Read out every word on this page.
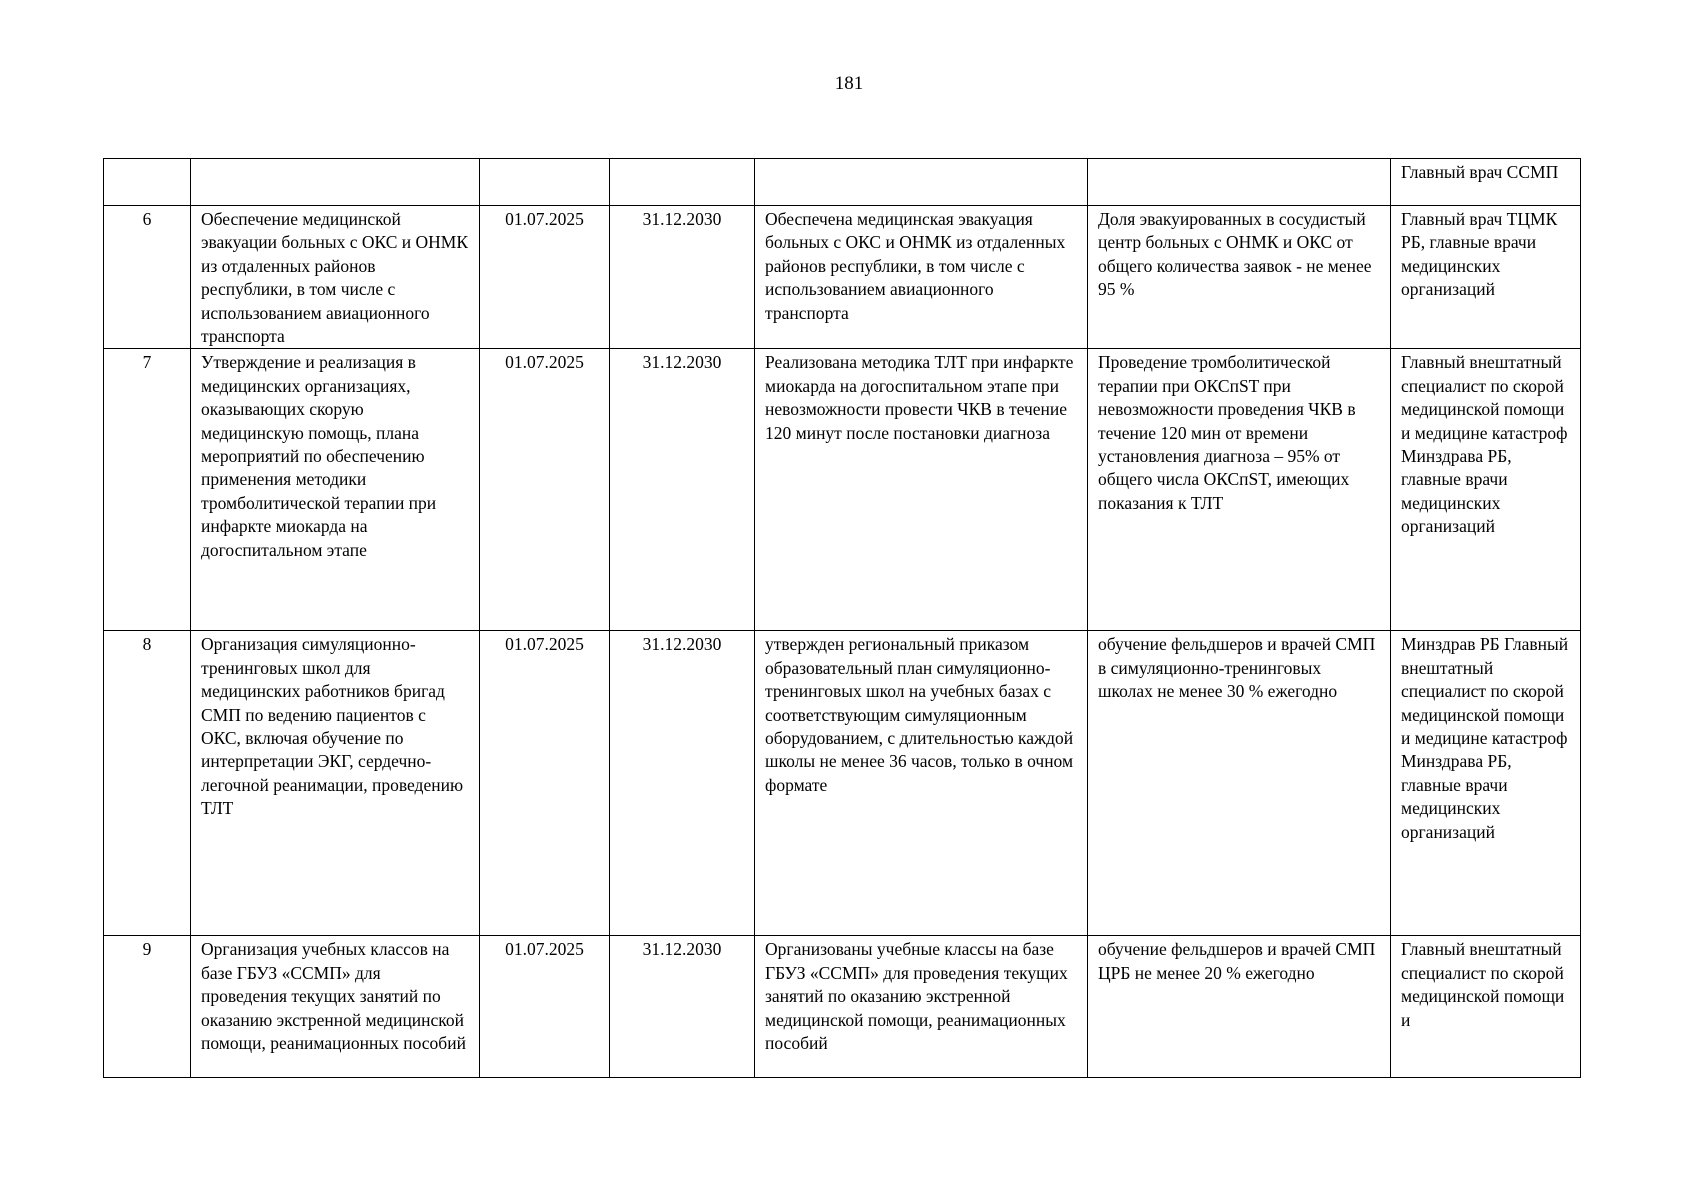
181
						Главный врач ССМП
6	Обеспечение медицинской эвакуации больных с ОКС и ОНМК из отдаленных районов республики, в том числе с использованием авиационного транспорта	01.07.2025	31.12.2030	Обеспечена медицинская эвакуация больных с ОКС и ОНМК из отдаленных районов республики, в том числе с использованием авиационного транспорта	Доля эвакуированных в сосудистый центр больных с ОНМК и ОКС от общего количества заявок - не менее 95 %	Главный врач ТЦМК РБ, главные врачи медицинских организаций
7	Утверждение и реализация в медицинских организациях, оказывающих скорую медицинскую помощь, плана мероприятий по обеспечению применения методики тромболитической терапии при инфаркте миокарда на догоспитальном этапе	01.07.2025	31.12.2030	Реализована методика ТЛТ при инфаркте миокарда на догоспитальном этапе при невозможности провести ЧКВ в течение 120 минут после постановки диагноза	Проведение тромболитической терапии при ОКСпST при невозможности проведения ЧКВ в течение 120 мин от времени установления диагноза – 95% от общего числа ОКСпST, имеющих показания к ТЛТ	Главный внештатный специалист по скорой медицинской помощи и медицине катастроф Минздрава РБ, главные врачи медицинских организаций
8	Организация симуляционно-тренинговых школ для медицинских работников бригад СМП по ведению пациентов с ОКС, включая обучение по интерпретации ЭКГ, сердечно-легочной реанимации, проведению ТЛТ	01.07.2025	31.12.2030	утвержден региональный приказом образовательный план симуляционно-тренинговых школ на учебных базах с соответствующим симуляционным оборудованием, с длительностью каждой школы не менее 36 часов, только в очном формате	обучение фельдшеров и врачей СМП в симуляционно-тренинговых школах не менее 30 % ежегодно	Минздрав РБ Главный внештатный специалист по скорой медицинской помощи и медицине катастроф Минздрава РБ, главные врачи медицинских организаций
9	Организация учебных классов на базе ГБУЗ «ССМП» для проведения текущих занятий по оказанию экстренной медицинской помощи, реанимационных пособий	01.07.2025	31.12.2030	Организованы учебные классы на базе ГБУЗ «ССМП» для проведения текущих занятий по оказанию экстренной медицинской помощи, реанимационных пособий	обучение фельдшеров и врачей СМП ЦРБ не менее 20 % ежегодно	Главный внештатный специалист по скорой медицинской помощи и
